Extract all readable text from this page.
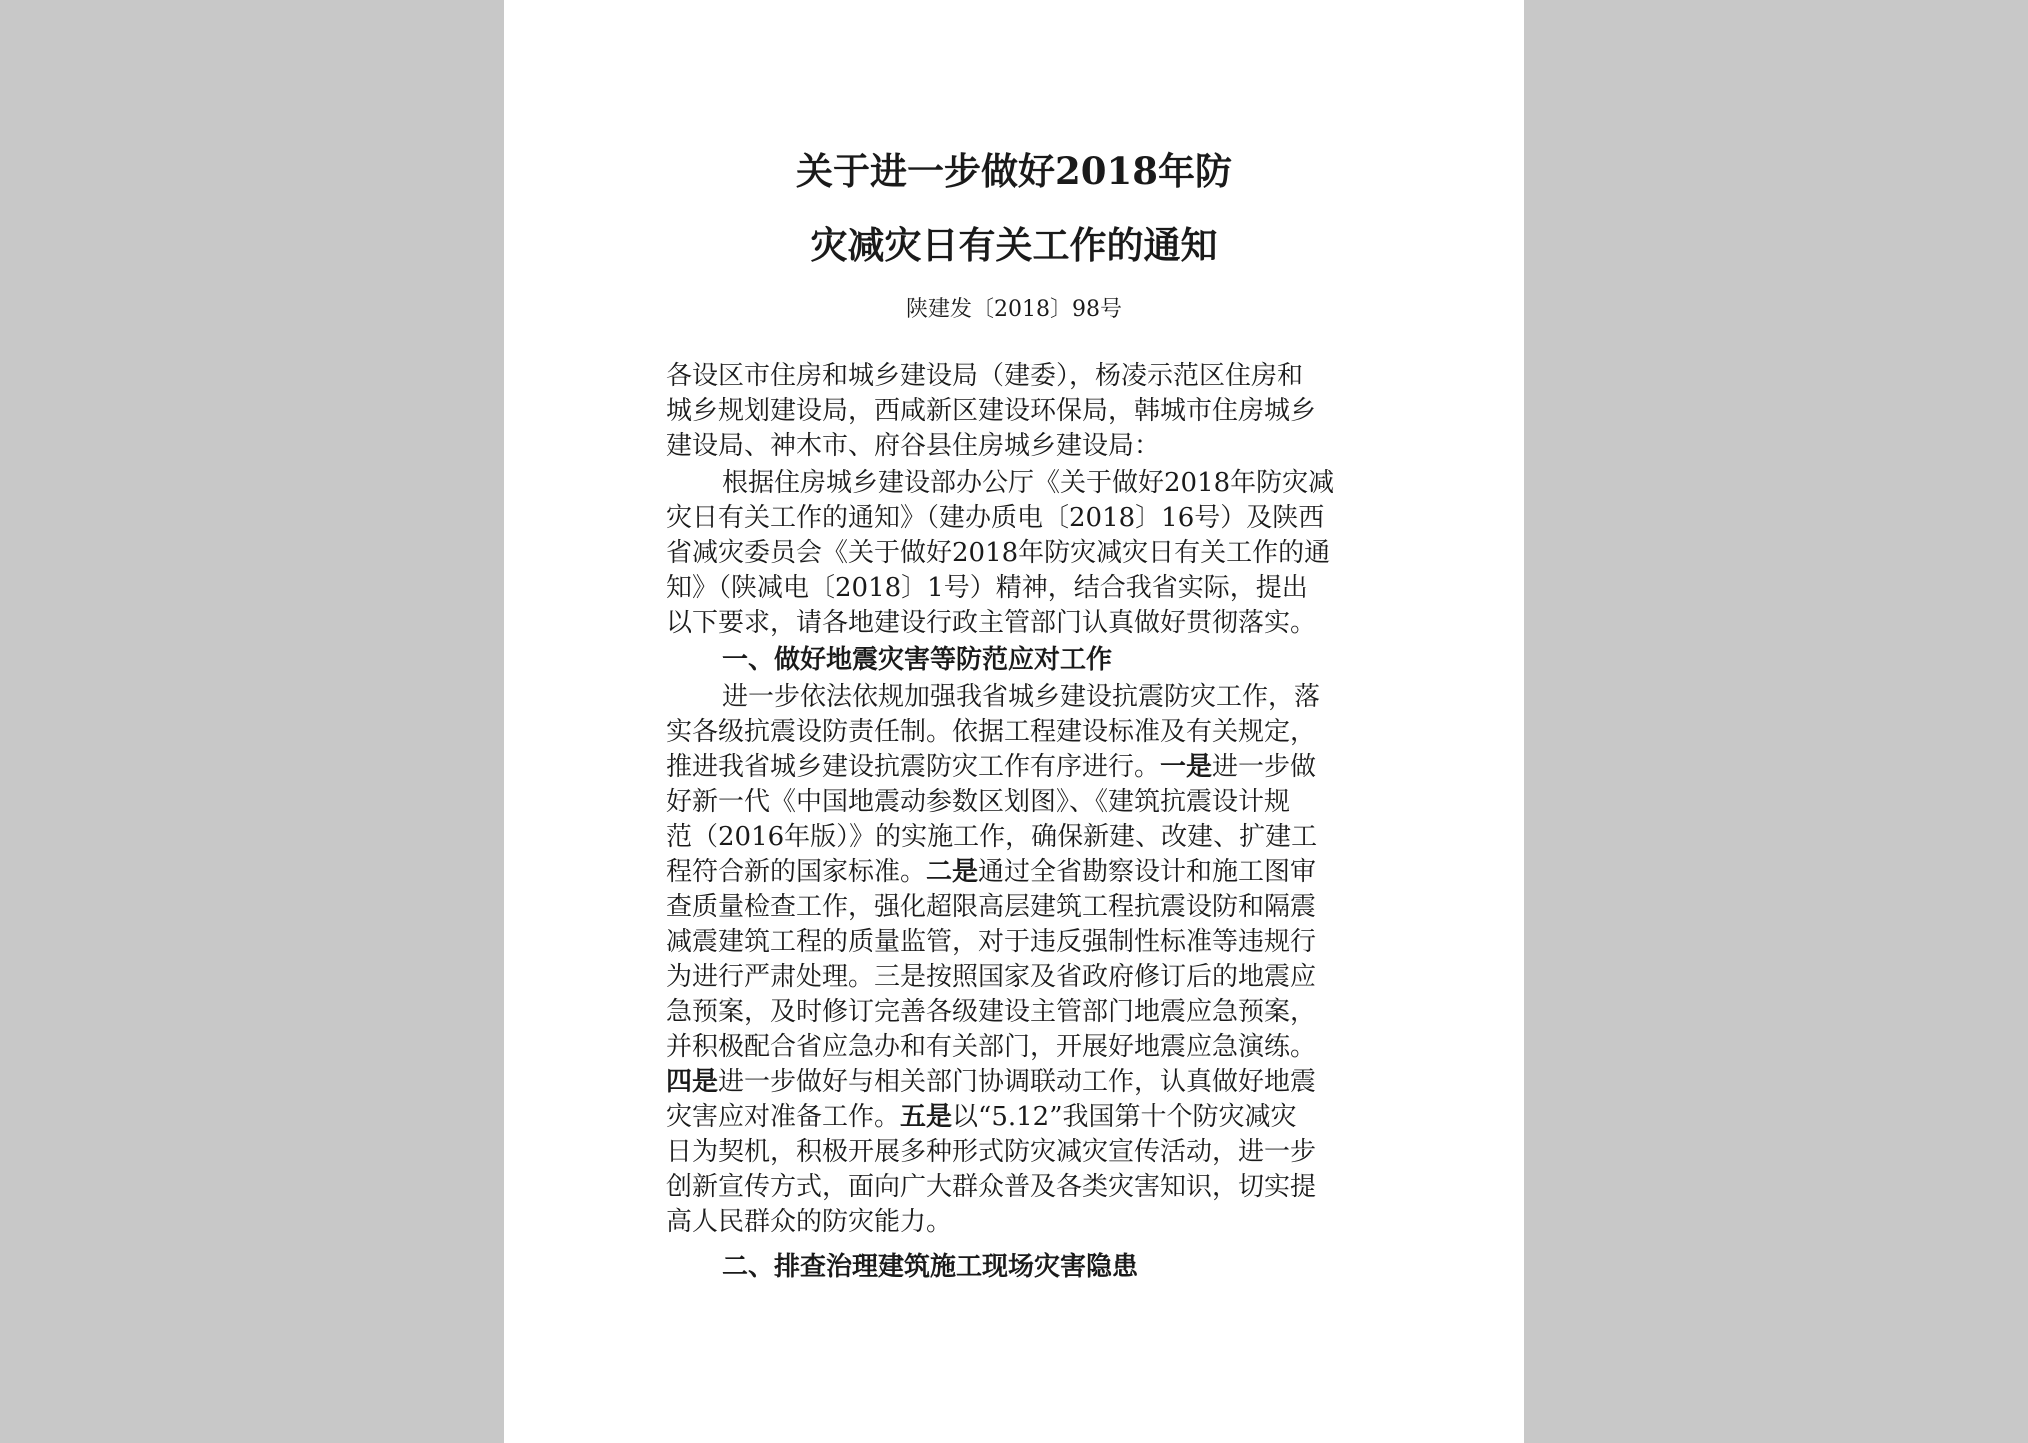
关于进一步做好2018年防
灾减灾日有关工作的通知
陕建发〔2018〕98号
各设区市住房和城乡建设局（建委），杨凌示范区住房和
城乡规划建设局，西咸新区建设环保局，韩城市住房城乡
建设局、神木市、府谷县住房城乡建设局：
根据住房城乡建设部办公厅《关于做好2018年防灾减
灾日有关工作的通知》（建办质电〔2018〕16号）及陕西
省减灾委员会《关于做好2018年防灾减灾日有关工作的通
知》（陕减电〔2018〕1号）精神，结合我省实际，提出
以下要求，请各地建设行政主管部门认真做好贯彻落实。
一、做好地震灾害等防范应对工作
进一步依法依规加强我省城乡建设抗震防灾工作，落
实各级抗震设防责任制。依据工程建设标准及有关规定，
推进我省城乡建设抗震防灾工作有序进行。一是进一步做
好新一代《中国地震动参数区划图》、《建筑抗震设计规
范（2016年版）》的实施工作，确保新建、改建、扩建工
程符合新的国家标准。二是通过全省勘察设计和施工图审
查质量检查工作，强化超限高层建筑工程抗震设防和隔震
减震建筑工程的质量监管，对于违反强制性标准等违规行
为进行严肃处理。三是按照国家及省政府修订后的地震应
急预案，及时修订完善各级建设主管部门地震应急预案，
并积极配合省应急办和有关部门，开展好地震应急演练。
四是进一步做好与相关部门协调联动工作，认真做好地震
灾害应对准备工作。五是以“5.12”我国第十个防灾减灾
日为契机，积极开展多种形式防灾减灾宣传活动，进一步
创新宣传方式，面向广大群众普及各类灾害知识，切实提
高人民群众的防灾能力。
二、排查治理建筑施工现场灾害隐患
